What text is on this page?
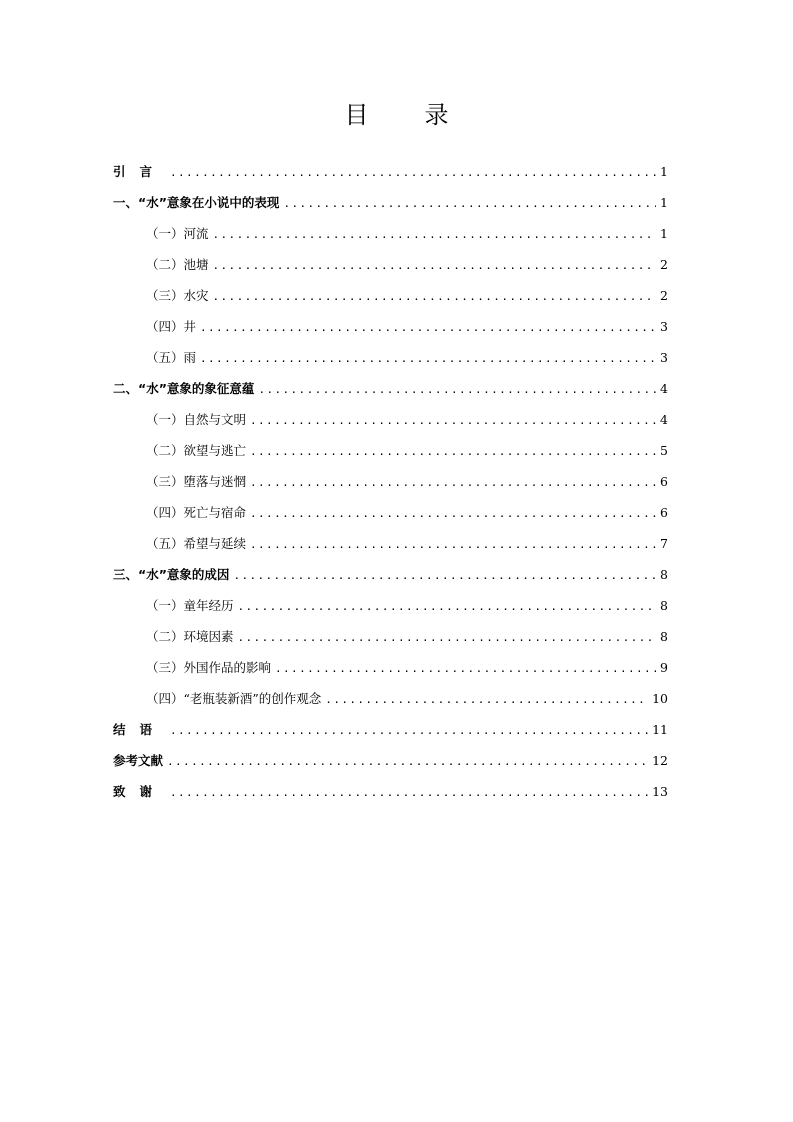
目 录
引言 .....	1
一、“水”意象在小说中的表现 .....	1
（一）河流 .....	1
（二）池塘 .....	2
（三）水灾 .....	2
（四）井 .....	3
（五）雨 .....	3
二、“水”意象的象征意蕴 .....	4
（一）自然与文明 .....	4
（二）欲望与逃亡 .....	5
（三）堕落与迷惘 .....	6
（四）死亡与宿命 .....	6
（五）希望与延续 .....	7
三、“水”意象的成因 .....	8
（一）童年经历 .....	8
（二）环境因素 .....	8
（三）外国作品的影响 .....	9
（四）“老瓶装新酒”的创作观念 .....	10
结语 .....	11
参考文献 .....	12
致谢 .....	13
